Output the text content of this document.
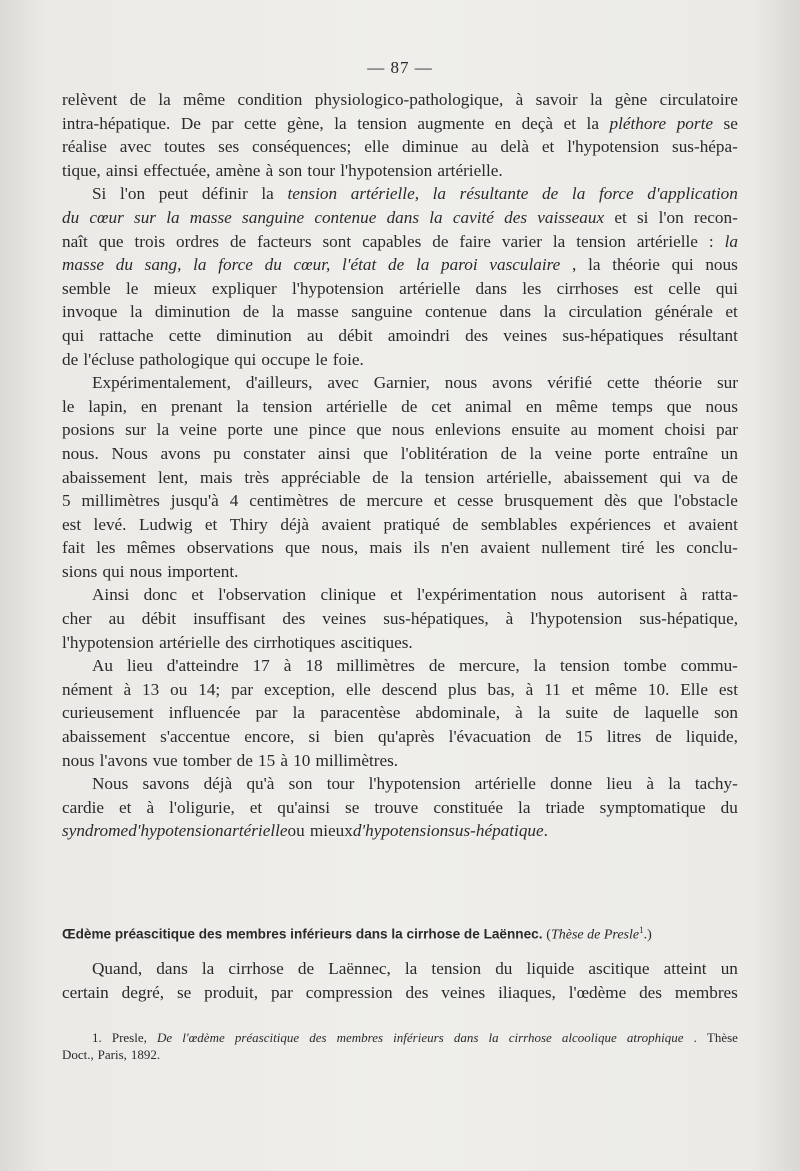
— 87 —
relèvent de la même condition physiologico-pathologique, à savoir la gène circulatoire
intra-hépatique. De par cette gène, la tension augmente en deçà et la pléthore porte se
réalise avec toutes ses conséquences; elle diminue au delà et l'hypotension sus-hépa-
tique, ainsi effectuée, amène à son tour l'hypotension artérielle.
Si l'on peut définir la tension artérielle, la résultante de la force d'application
du cœur sur la masse sanguine contenue dans la cavité des vaisseaux et si l'on recon-
naît que trois ordres de facteurs sont capables de faire varier la tension artérielle : la
masse du sang, la force du cœur, l'état de la paroi vasculaire , la théorie qui nous
semble le mieux expliquer l'hypotension artérielle dans les cirrhoses est celle qui
invoque la diminution de la masse sanguine contenue dans la circulation générale et
qui rattache cette diminution au débit amoindri des veines sus-hépatiques résultant
de l'écluse pathologique qui occupe le foie.
Expérimentalement, d'ailleurs, avec Garnier, nous avons vérifié cette théorie sur
le lapin, en prenant la tension artérielle de cet animal en même temps que nous
posions sur la veine porte une pince que nous enlevions ensuite au moment choisi par
nous. Nous avons pu constater ainsi que l'oblitération de la veine porte entraîne un
abaissement lent, mais très appréciable de la tension artérielle, abaissement qui va de
5 millimètres jusqu'à 4 centimètres de mercure et cesse brusquement dès que l'obstacle
est levé. Ludwig et Thiry déjà avaient pratiqué de semblables expériences et avaient
fait les mêmes observations que nous, mais ils n'en avaient nullement tiré les conclu-
sions qui nous importent.
Ainsi donc et l'observation clinique et l'expérimentation nous autorisent à ratta-
cher au débit insuffisant des veines sus-hépatiques, à l'hypotension sus-hépatique,
l'hypotension artérielle des cirrhotiques ascitiques.
Au lieu d'atteindre 17 à 18 millimètres de mercure, la tension tombe commu-
nément à 13 ou 14; par exception, elle descend plus bas, à 11 et même 10. Elle est
curieusement influencée par la paracentèse abdominale, à la suite de laquelle son
abaissement s'accentue encore, si bien qu'après l'évacuation de 15 litres de liquide,
nous l'avons vue tomber de 15 à 10 millimètres.
Nous savons déjà qu'à son tour l'hypotension artérielle donne lieu à la tachy-
cardie et à l'oligurie, et qu'ainsi se trouve constituée la triade symptomatique du
syndrome d'hypotension artérielle ou mieux d'hypotension sus-hépatique .
Œdème préascitique des membres inférieurs dans la cirrhose de Laënnec. (Thèse de Presle$^1$.)
Quand, dans la cirrhose de Laënnec, la tension du liquide ascitique atteint un
certain degré, se produit, par compression des veines iliaques, l'œdème des membres
1. Presle, De l'œdème préascitique des membres inférieurs dans la cirrhose alcoolique atrophique . Thèse
Doct., Paris, 1892.
